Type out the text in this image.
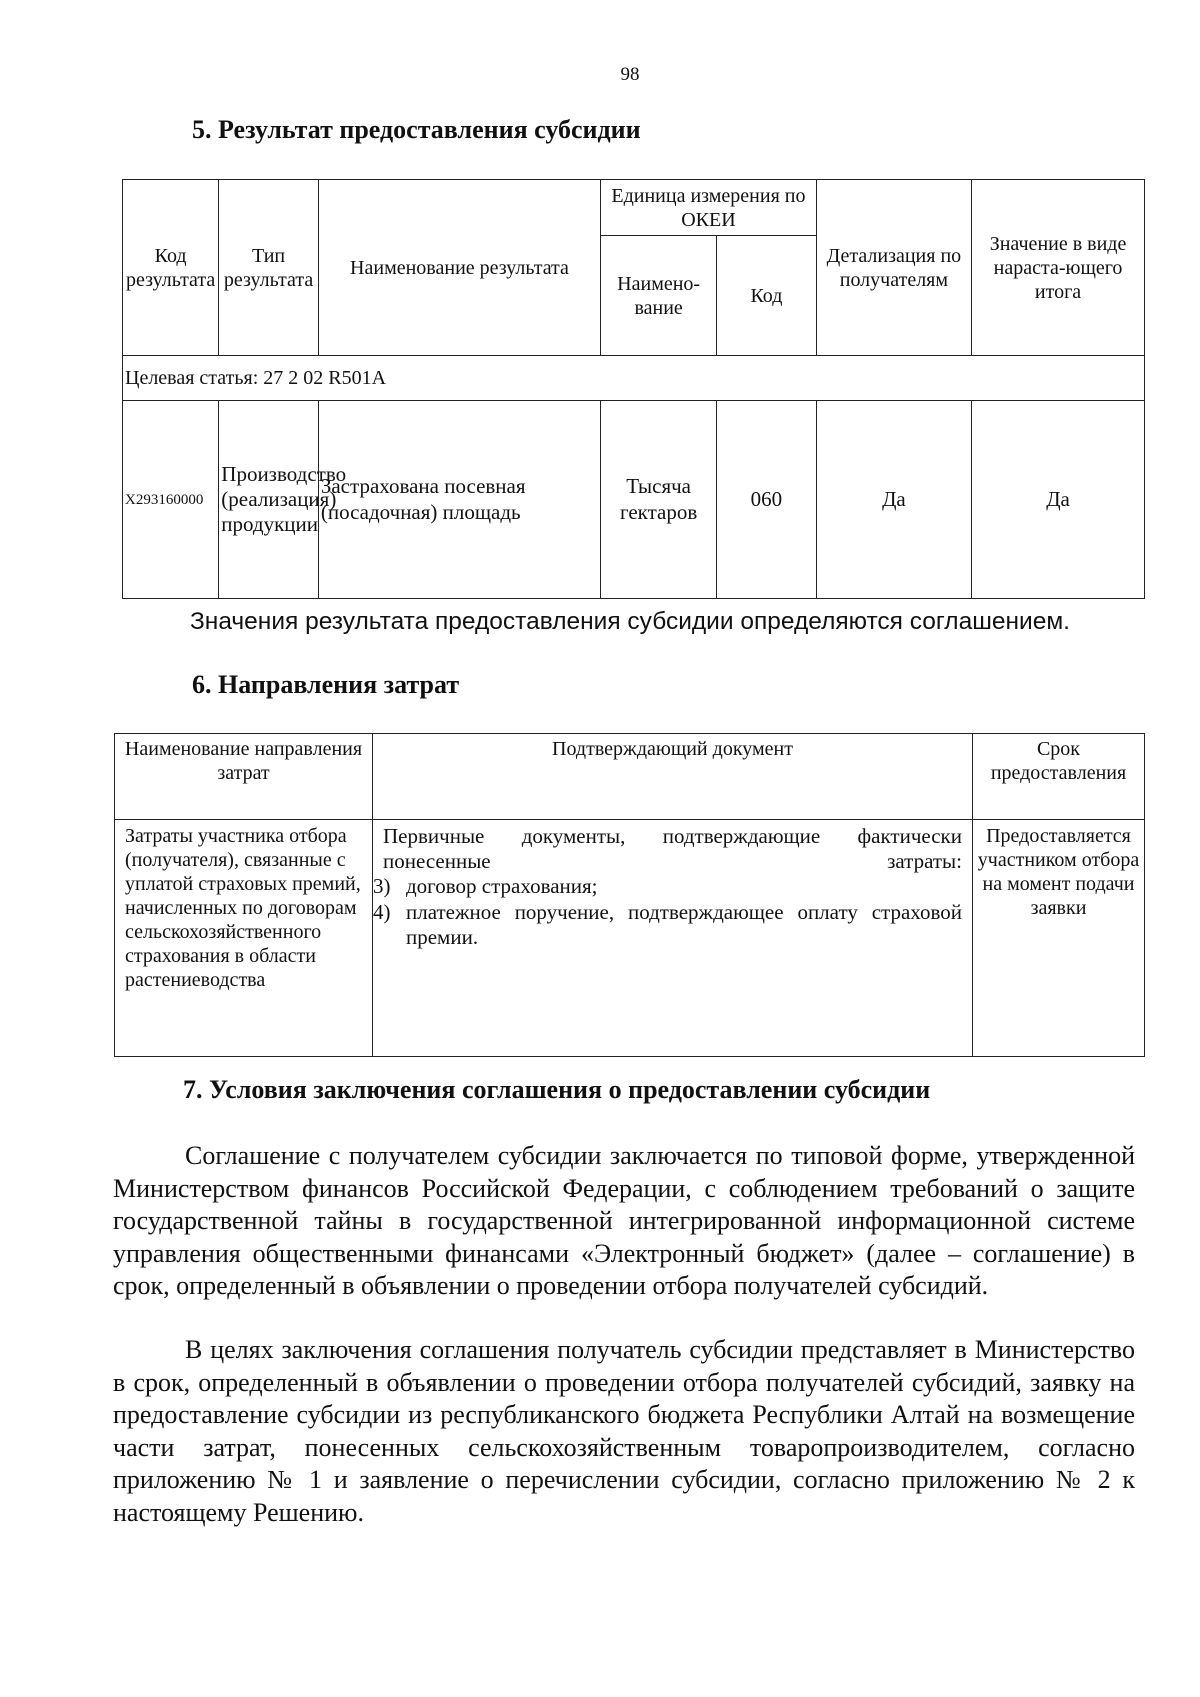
98
5. Результат предоставления субсидии
Код результата	Тип результата	Наименование результата	Единица измерения по ОКЕИ		Детализация по получателям	Значение в виде нараста-ющего итога
			Наимено-вание	Код		
Целевая статья: 27 2 02 R501A						
X293160000	Производство (реализация) продукции	Застрахована посевная (посадочная) площадь	Тысяча гектаров	060	Да	Да
Значения результата предоставления субсидии определяются соглашением.
6. Направления затрат
Наименование направления затрат	Подтверждающий документ	Срок предоставления
Затраты участника отбора (получателя), связанные с уплатой страховых премий, начисленных по договорам сельскохозяйственного страхования в области растениеводства	Первичные документы, подтверждающие фактически понесенные затраты:
3) договор страхования;
4) платежное поручение, подтверждающее оплату страховой премии.	Предоставляется участником отбора на момент подачи заявки
7. Условия заключения соглашения о предоставлении субсидии

Соглашение с получателем субсидии заключается по типовой форме, утвержденной Министерством финансов Российской Федерации, с соблюдением требований о защите государственной тайны в государственной интегрированной информационной системе управления общественными финансами «Электронный бюджет» (далее – соглашение) в срок, определенный в объявлении о проведении отбора получателей субсидий.

В целях заключения соглашения получатель субсидии представляет в Министерство в срок, определенный в объявлении о проведении отбора получателей субсидий, заявку на предоставление субсидии из республиканского бюджета Республики Алтай на возмещение части затрат, понесенных сельскохозяйственным товаропроизводителем, согласно приложению № 1 и заявление о перечислении субсидии, согласно приложению № 2 к настоящему Решению.
